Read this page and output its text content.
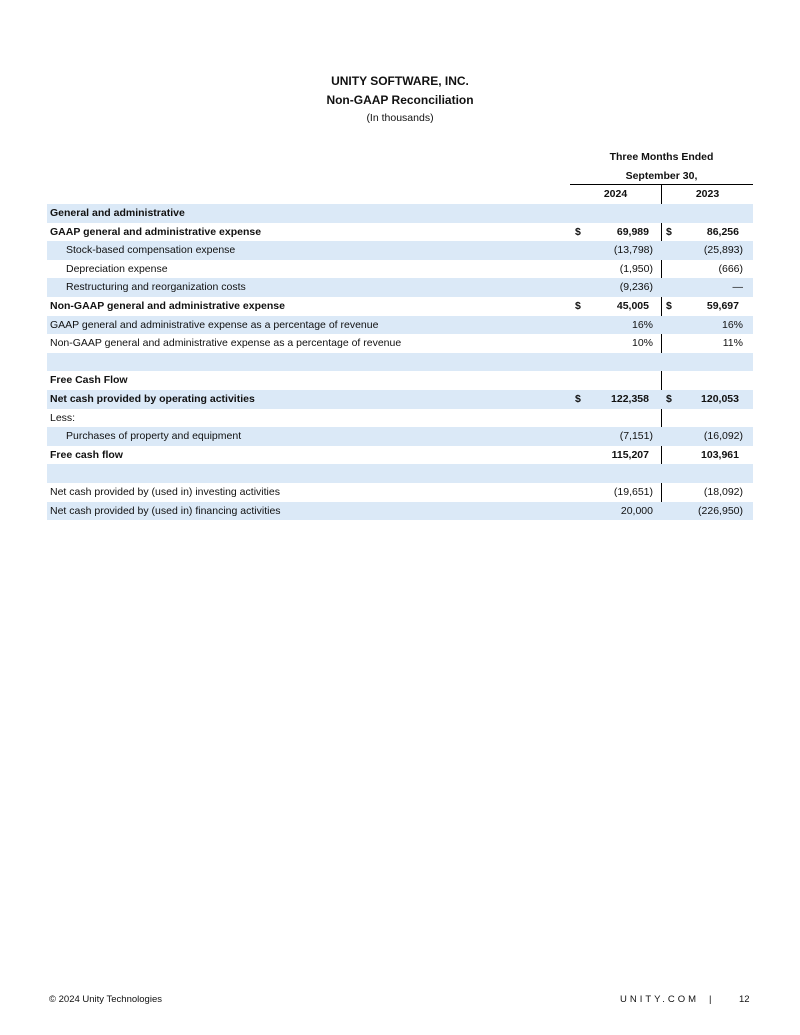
UNITY SOFTWARE, INC.
Non-GAAP Reconciliation
(In thousands)
Three Months Ended
September 30,
2024	2023
General and administrative
GAAP general and administrative expense	$	69,989 $	86,256
Stock-based compensation expense	(13,798)	(25,893)
Depreciation expense	(1,950)	(666)
Restructuring and reorganization costs	(9,236)	—
Non-GAAP general and administrative expense	$	45,005 $	59,697
GAAP general and administrative expense as a percentage of revenue	16%	16%
Non-GAAP general and administrative expense as a percentage of revenue	10%	11%
Free Cash Flow
Net cash provided by operating activities	$	122,358 $	120,053
Less:
Purchases of property and equipment	(7,151)	(16,092)
Free cash flow	115,207	103,961
Net cash provided by (used in) investing activities	(19,651)	(18,092)
Net cash provided by (used in) financing activities	20,000	(226,950)
© 2024 Unity Technologies	UNITY.COM |	12
